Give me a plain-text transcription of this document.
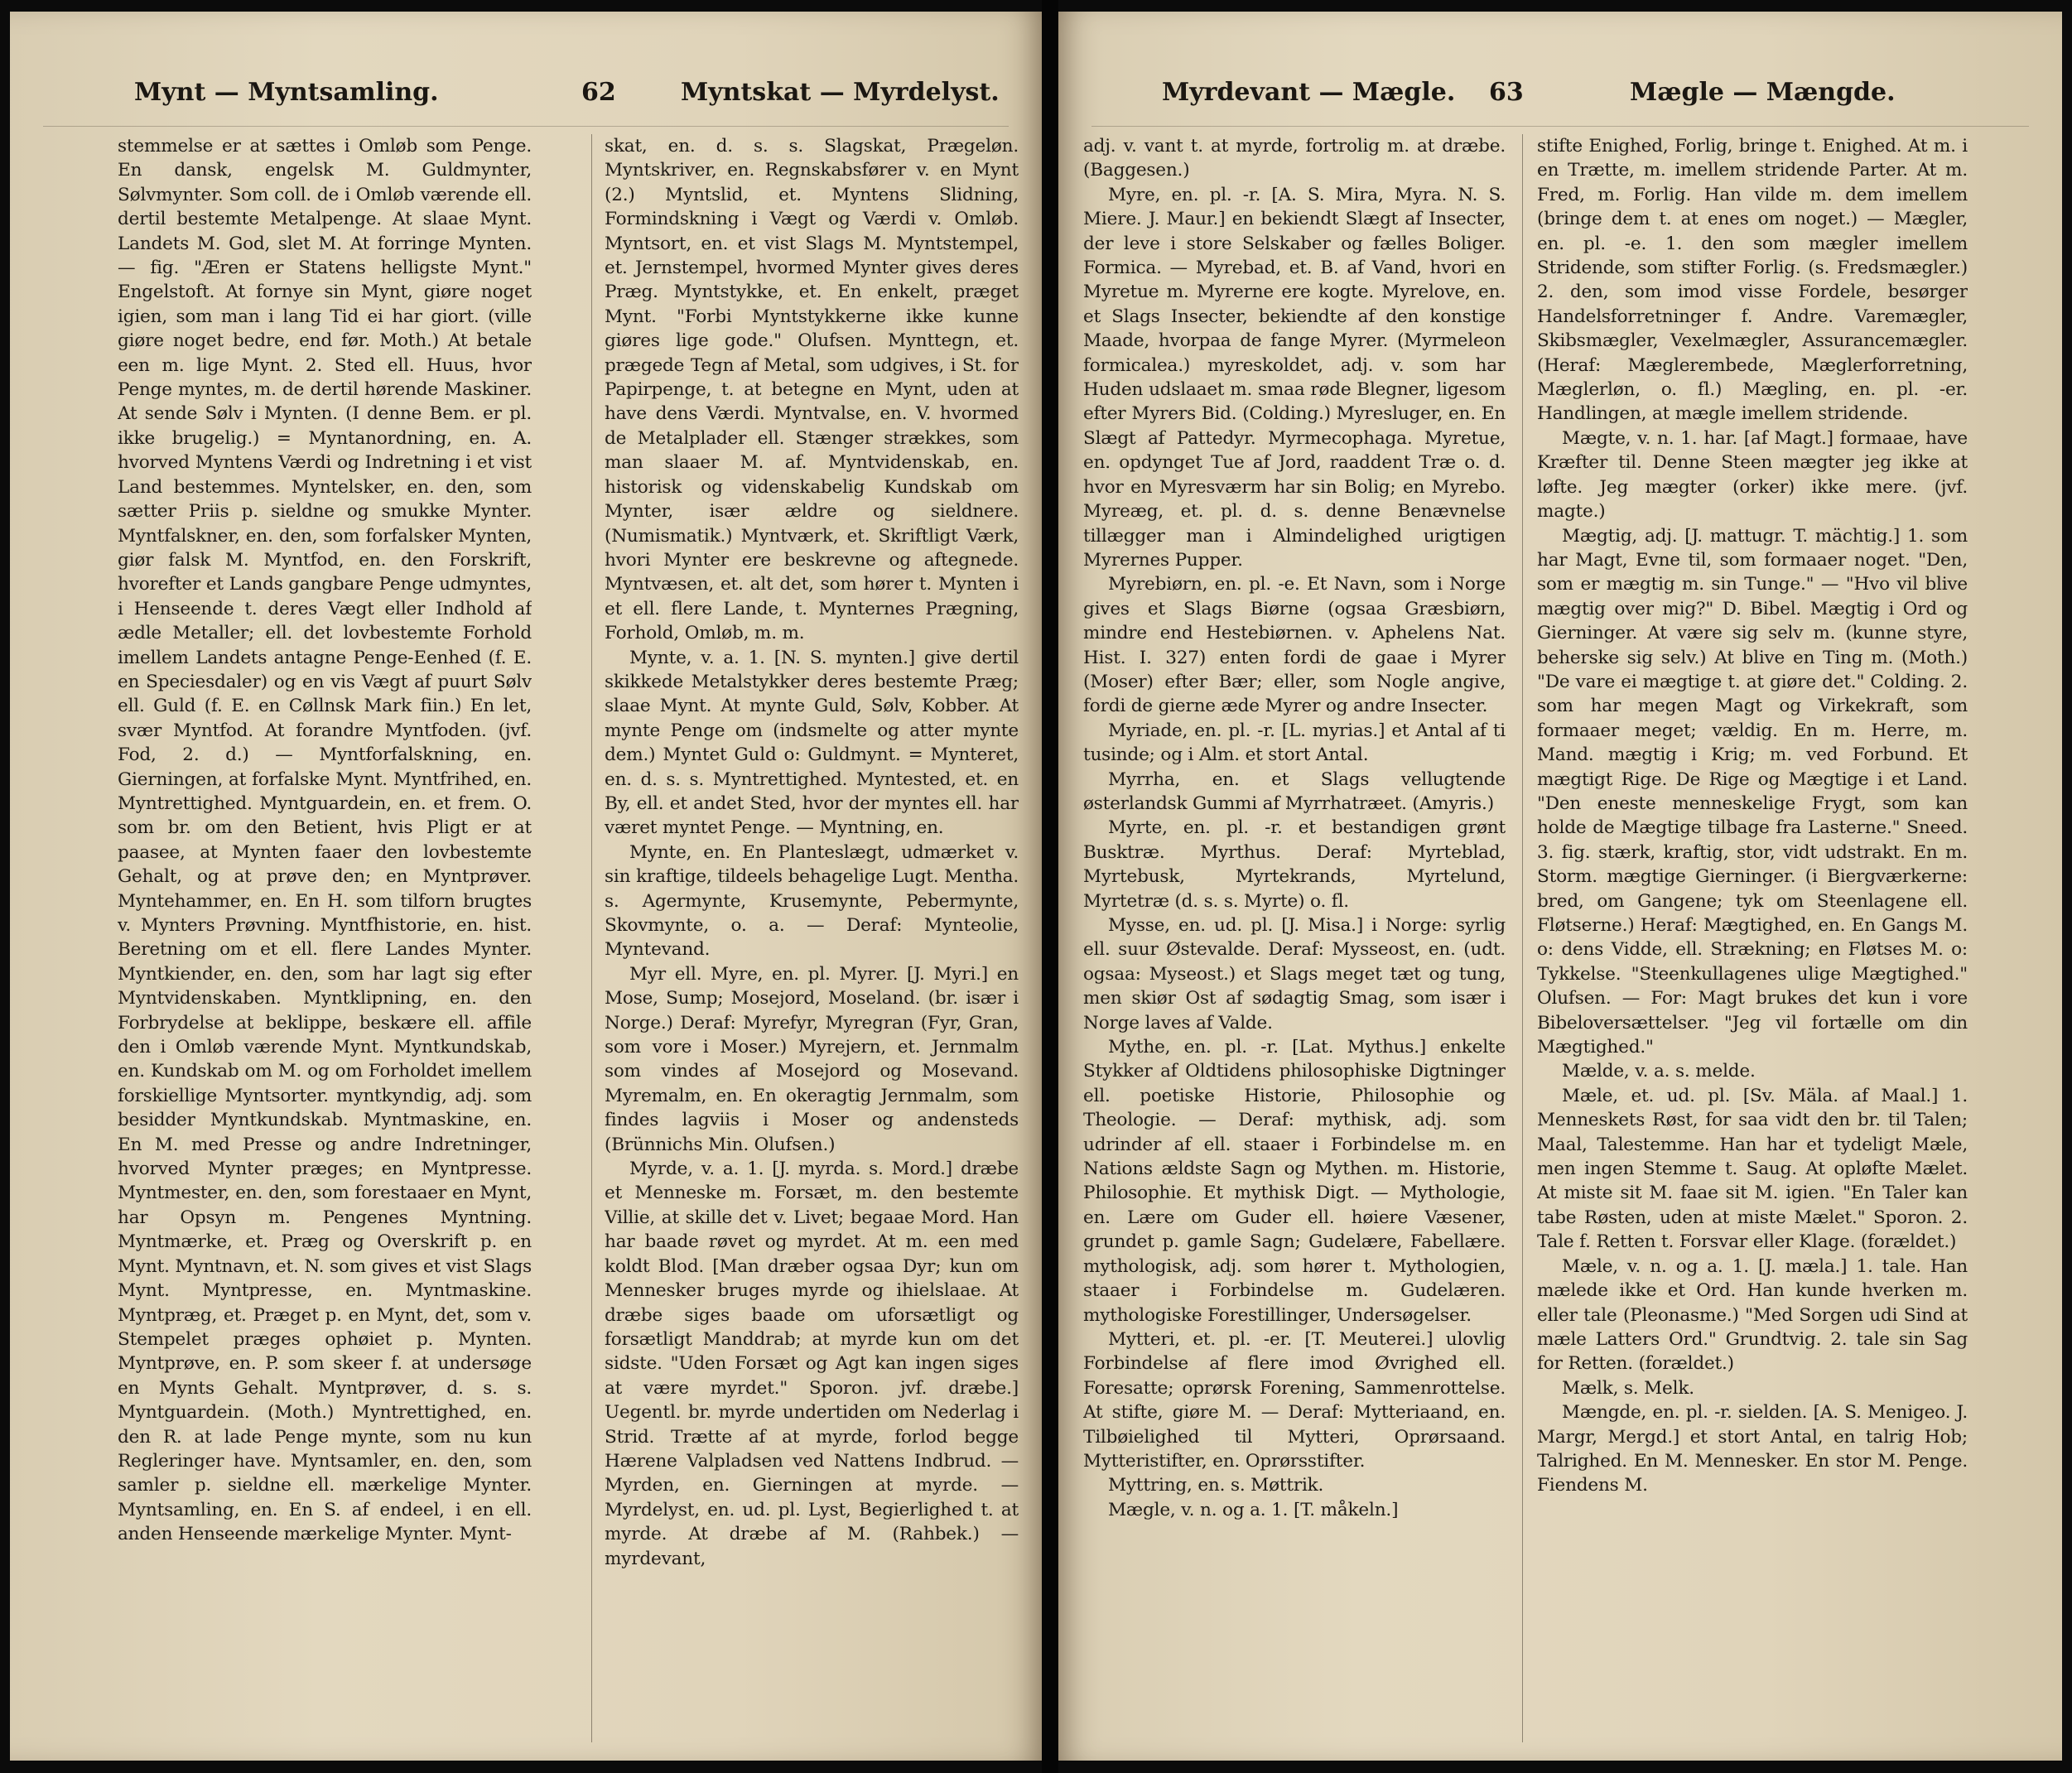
Mynt — Myntsamling.	62	Myntskat — Myrdelyst.

stemmelse er at sættes i Omløb som Penge. En dansk, engelsk M. Guldmynter, Sølvmynter. Som coll. de i Omløb værende ell. dertil bestemte Metalpenge. At slaae Mynt. Landets M. God, slet M. At forringe Mynten. — fig. "Æren er Statens helligste Mynt." Engelstoft. At fornye sin Mynt, giøre noget igien, som man i lang Tid ei har giort. (ville giøre noget bedre, end før. Moth.) At betale een m. lige Mynt. 2. Sted ell. Huus, hvor Penge myntes, m. de dertil hørende Maskiner. At sende Sølv i Mynten. (I denne Bem. er pl. ikke brugelig.) = Myntanordning, en. A. hvorved Myntens Værdi og Indretning i et vist Land bestemmes. Myntelsker, en. den, som sætter Priis p. sieldne og smukke Mynter. Myntfalskner, en. den, som forfalsker Mynten, giør falsk M. Myntfod, en. den Forskrift, hvorefter et Lands gangbare Penge udmyntes, i Henseende t. deres Vægt eller Indhold af ædle Metaller; ell. det lovbestemte Forhold imellem Landets antagne Penge-Eenhed (f. E. en Speciesdaler) og en vis Vægt af puurt Sølv ell. Guld (f. E. en Cøllnsk Mark fiin.) En let, svær Myntfod. At forandre Myntfoden. (jvf. Fod, 2. d.) — Myntforfalskning, en. Gierningen, at forfalske Mynt. Myntfrihed, en. Myntrettighed. Myntguardein, en. et frem. O. som br. om den Betient, hvis Pligt er at paasee, at Mynten faaer den lovbestemte Gehalt, og at prøve den; en Myntprøver. Myntehammer, en. En H. som tilforn brugtes v. Mynters Prøvning. Myntfhistorie, en. hist. Beretning om et ell. flere Landes Mynter. Myntkiender, en. den, som har lagt sig efter Myntvidenskaben. Myntklipning, en. den Forbrydelse at beklippe, beskære ell. affile den i Omløb værende Mynt. Myntkundskab, en. Kundskab om M. og om Forholdet imellem forskiellige Myntsorter. myntkyndig, adj. som besidder Myntkundskab. Myntmaskine, en. En M. med Presse og andre Indretninger, hvorved Mynter præges; en Myntpresse. Myntmester, en. den, som forestaaer en Mynt, har Opsyn m. Pengenes Myntning. Myntmærke, et. Præg og Overskrift p. en Mynt. Myntnavn, et. N. som gives et vist Slags Mynt. Myntpresse, en. Myntmaskine. Myntpræg, et. Præget p. en Mynt, det, som v. Stempelet præges ophøiet p. Mynten. Myntprøve, en. P. som skeer f. at undersøge en Mynts Gehalt. Myntprøver, d. s. s. Myntguardein. (Moth.) Myntrettighed, en. den R. at lade Penge mynte, som nu kun Regleringer have. Myntsamler, en. den, som samler p. sieldne ell. mærkelige Mynter. Myntsamling, en. En S. af endeel, i en ell. anden Henseende mærkelige Mynter. Mynt-

skat, en. d. s. s. Slagskat, Prægeløn. Myntskriver, en. Regnskabsfører v. en Mynt (2.) Myntslid, et. Myntens Slidning, Formindskning i Vægt og Værdi v. Omløb. Myntsort, en. et vist Slags M. Myntstempel, et. Jernstempel, hvormed Mynter gives deres Præg. Myntstykke, et. En enkelt, præget Mynt. "Forbi Myntstykkerne ikke kunne giøres lige gode." Olufsen. Mynttegn, et. prægede Tegn af Metal, som udgives, i St. for Papirpenge, t. at betegne en Mynt, uden at have dens Værdi. Myntvalse, en. V. hvormed de Metalplader ell. Stænger strækkes, som man slaaer M. af. Myntvidenskab, en. historisk og videnskabelig Kundskab om Mynter, især ældre og sieldnere. (Numismatik.) Myntværk, et. Skriftligt Værk, hvori Mynter ere beskrevne og aftegnede. Myntvæsen, et. alt det, som hører t. Mynten i et ell. flere Lande, t. Mynternes Prægning, Forhold, Omløb, m. m.

Mynte, v. a. 1. [N. S. mynten.] give dertil skikkede Metalstykker deres bestemte Præg; slaae Mynt. At mynte Guld, Sølv, Kobber. At mynte Penge om (indsmelte og atter mynte dem.) Myntet Guld o: Guldmynt. = Mynteret, en. d. s. s. Myntrettighed. Myntested, et. en By, ell. et andet Sted, hvor der myntes ell. har været myntet Penge. — Myntning, en.

Mynte, en. En Planteslægt, udmærket v. sin kraftige, tildeels behagelige Lugt. Mentha. s. Agermynte, Krusemynte, Pebermynte, Skovmynte, o. a. — Deraf: Mynteolie, Myntevand.

Myr ell. Myre, en. pl. Myrer. [J. Myri.] en Mose, Sump; Mosejord, Moseland. (br. især i Norge.) Deraf: Myrefyr, Myregran (Fyr, Gran, som vore i Moser.) Myrejern, et. Jernmalm som vindes af Mosejord og Mosevand. Myremalm, en. En okeragtig Jernmalm, som findes lagviis i Moser og andensteds (Brünnichs Min. Olufsen.)

Myrde, v. a. 1. [J. myrda. s. Mord.] dræbe et Menneske m. Forsæt, m. den bestemte Villie, at skille det v. Livet; begaae Mord. Han har baade røvet og myrdet. At m. een med koldt Blod. [Man dræber ogsaa Dyr; kun om Mennesker bruges myrde og ihielslaae. At dræbe siges baade om uforsætligt og forsætligt Manddrab; at myrde kun om det sidste. "Uden Forsæt og Agt kan ingen siges at være myrdet." Sporon. jvf. dræbe.] Uegentl. br. myrde undertiden om Nederlag i Strid. Trætte af at myrde, forlod begge Hærene Valpladsen ved Nattens Indbrud. — Myrden, en. Gierningen at myrde. — Myrdelyst, en. ud. pl. Lyst, Begierlighed t. at myrde. At dræbe af M. (Rahbek.) — myrdevant,

Myrdevant — Mægle. 63	Mægle — Mængde.

adj. v. vant t. at myrde, fortrolig m. at dræbe. (Baggesen.)

Myre, en. pl. -r. [A. S. Mira, Myra. N. S. Miere. J. Maur.] en bekiendt Slægt af Insecter, der leve i store Selskaber og fælles Boliger. Formica. — Myrebad, et. B. af Vand, hvori en Myretue m. Myrerne ere kogte. Myrelove, en. et Slags Insecter, bekiendte af den konstige Maade, hvorpaa de fange Myrer. (Myrmeleon formicalea.) myreskoldet, adj. v. som har Huden udslaaet m. smaa røde Blegner, ligesom efter Myrers Bid. (Colding.) Myresluger, en. En Slægt af Pattedyr. Myrmecophaga. Myretue, en. opdynget Tue af Jord, raaddent Træ o. d. hvor en Myresværm har sin Bolig; en Myrebo. Myreæg, et. pl. d. s. denne Benævnelse tillægger man i Almindelighed urigtigen Myrernes Pupper.

Myrebiørn, en. pl. -e. Et Navn, som i Norge gives et Slags Biørne (ogsaa Græsbiørn, mindre end Hestebiørnen. v. Aphelens Nat. Hist. I. 327) enten fordi de gaae i Myrer (Moser) efter Bær; eller, som Nogle angive, fordi de gierne æde Myrer og andre Insecter.

Myriade, en. pl. -r. [L. myrias.] et Antal af ti tusinde; og i Alm. et stort Antal.

Myrrha, en. et Slags vellugtende østerlandsk Gummi af Myrrhatræet. (Amyris.)

Myrte, en. pl. -r. et bestandigen grønt Busktræ. Myrthus. Deraf: Myrteblad, Myrtebusk, Myrtekrands, Myrtelund, Myrtetræ (d. s. s. Myrte) o. fl.

Mysse, en. ud. pl. [J. Misa.] i Norge: syrlig ell. suur Østevalde. Deraf: Mysseost, en. (udt. ogsaa: Myseost.) et Slags meget tæt og tung, men skiør Ost af sødagtig Smag, som især i Norge laves af Valde.

Mythe, en. pl. -r. [Lat. Mythus.] enkelte Stykker af Oldtidens philosophiske Digtninger ell. poetiske Historie, Philosophie og Theologie. — Deraf: mythisk, adj. som udrinder af ell. staaer i Forbindelse m. en Nations ældste Sagn og Mythen. m. Historie, Philosophie. Et mythisk Digt. — Mythologie, en. Lære om Guder ell. høiere Væsener, grundet p. gamle Sagn; Gudelære, Fabellære. mythologisk, adj. som hører t. Mythologien, staaer i Forbindelse m. Gudelæren. mythologiske Forestillinger, Undersøgelser.

Mytteri, et. pl. -er. [T. Meuterei.] ulovlig Forbindelse af flere imod Øvrighed ell. Foresatte; oprørsk Forening, Sammenrottelse. At stifte, giøre M. — Deraf: Mytteriaand, en. Tilbøielighed til Mytteri, Oprørsaand. Mytteristifter, en. Oprørsstifter.

Myttring, en. s. Møttrik.

Mægle, v. n. og a. 1. [T. måkeln.]

stifte Enighed, Forlig, bringe t. Enighed. At m. i en Trætte, m. imellem stridende Parter. At m. Fred, m. Forlig. Han vilde m. dem imellem (bringe dem t. at enes om noget.) — Mægler, en. pl. -e. 1. den som mægler imellem Stridende, som stifter Forlig. (s. Fredsmægler.) 2. den, som imod visse Fordele, besørger Handelsforretninger f. Andre. Varemægler, Skibsmægler, Vexelmægler, Assurancemægler. (Heraf: Mæglerembede, Mæglerforretning, Mæglerløn, o. fl.) Mægling, en. pl. -er. Handlingen, at mægle imellem stridende.

Mægte, v. n. 1. har. [af Magt.] formaae, have Kræfter til. Denne Steen mægter jeg ikke at løfte. Jeg mægter (orker) ikke mere. (jvf. magte.)

Mægtig, adj. [J. mattugr. T. mächtig.] 1. som har Magt, Evne til, som formaaer noget. "Den, som er mægtig m. sin Tunge." — "Hvo vil blive mægtig over mig?" D. Bibel. Mægtig i Ord og Gierninger. At være sig selv m. (kunne styre, beherske sig selv.) At blive en Ting m. (Moth.) "De vare ei mægtige t. at giøre det." Colding. 2. som har megen Magt og Virkekraft, som formaaer meget; vældig. En m. Herre, m. Mand. mægtig i Krig; m. ved Forbund. Et mægtigt Rige. De Rige og Mægtige i et Land. "Den eneste menneskelige Frygt, som kan holde de Mægtige tilbage fra Lasterne." Sneed. 3. fig. stærk, kraftig, stor, vidt udstrakt. En m. Storm. mægtige Gierninger. (i Biergværkerne: bred, om Gangene; tyk om Steenlagene ell. Fløtserne.) Heraf: Mægtighed, en. En Gangs M. o: dens Vidde, ell. Strækning; en Fløtses M. o: Tykkelse. "Steenkullagenes ulige Mægtighed." Olufsen. — For: Magt brukes det kun i vore Bibeloversættelser. "Jeg vil fortælle om din Mægtighed."

Mælde, v. a. s. melde.

Mæle, et. ud. pl. [Sv. Mäla. af Maal.] 1. Menneskets Røst, for saa vidt den br. til Talen; Maal, Talestemme. Han har et tydeligt Mæle, men ingen Stemme t. Saug. At opløfte Mælet. At miste sit M. faae sit M. igien. "En Taler kan tabe Røsten, uden at miste Mælet." Sporon. 2. Tale f. Retten t. Forsvar eller Klage. (forældet.)

Mæle, v. n. og a. 1. [J. mæla.] 1. tale. Han mælede ikke et Ord. Han kunde hverken m. eller tale (Pleonasme.) "Med Sorgen udi Sind at mæle Latters Ord." Grundtvig. 2. tale sin Sag for Retten. (forældet.)

Mælk, s. Melk.

Mængde, en. pl. -r. sielden. [A. S. Menigeo. J. Margr, Mergd.] et stort Antal, en talrig Hob; Talrighed. En M. Mennesker. En stor M. Penge. Fiendens M.
